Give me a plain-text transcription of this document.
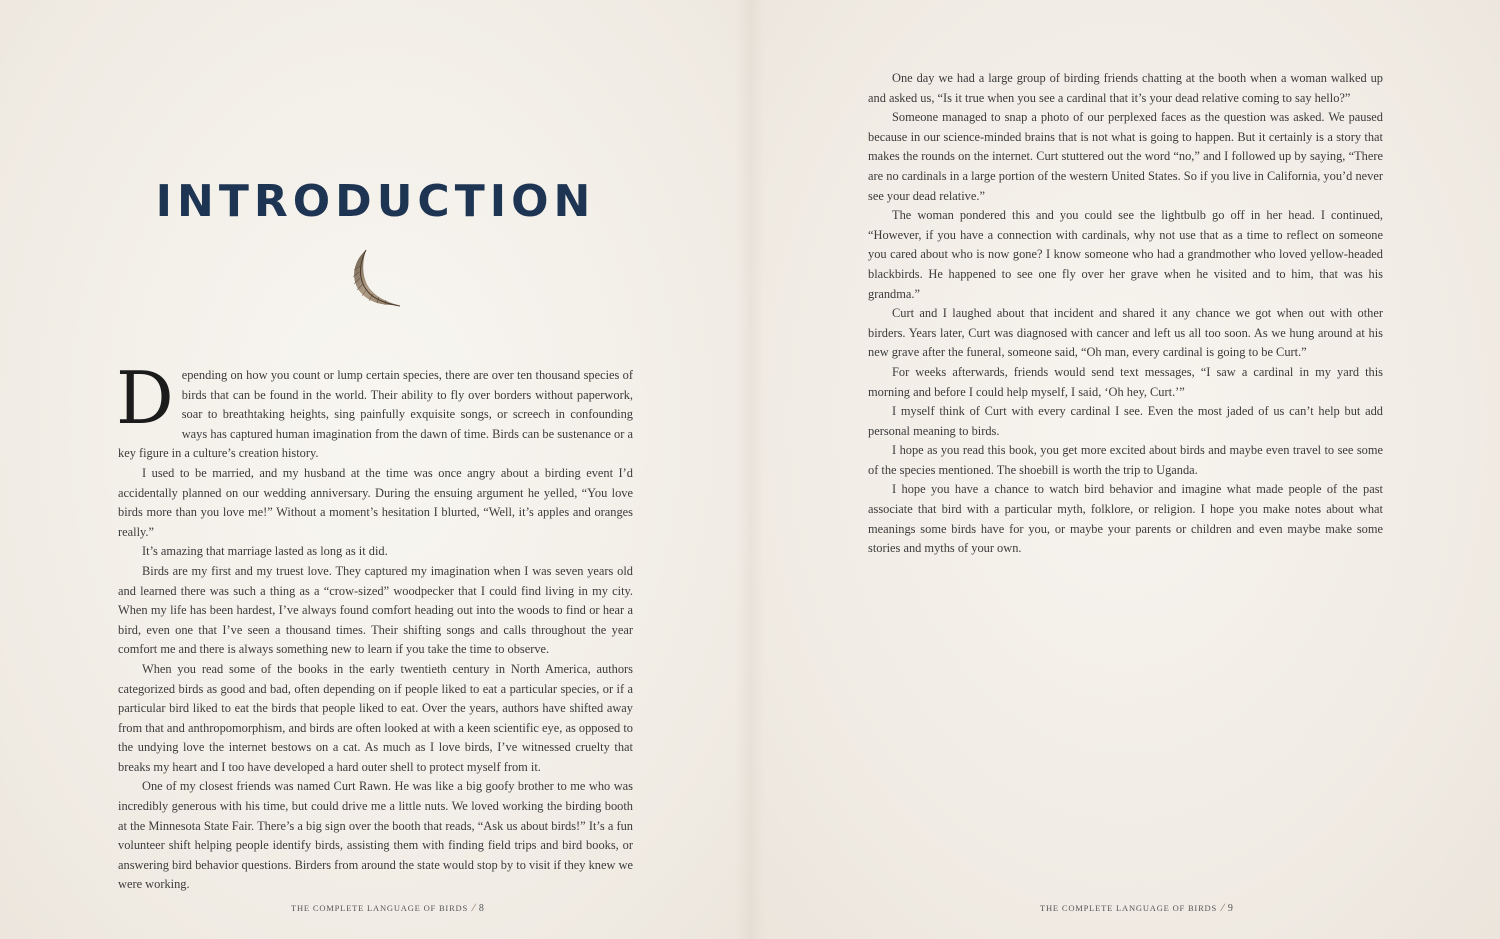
INTRODUCTION

Depending on how you count or lump certain species, there are over ten thousand species of birds that can be found in the world. Their ability to fly over borders without paperwork, soar to breathtaking heights, sing painfully exquisite songs, or screech in confounding ways has captured human imagination from the dawn of time. Birds can be sustenance or a key figure in a culture’s creation history.

I used to be married, and my husband at the time was once angry about a birding event I’d accidentally planned on our wedding anniversary. During the ensuing argument he yelled, “You love birds more than you love me!” Without a moment’s hesitation I blurted, “Well, it’s apples and oranges really.”

It’s amazing that marriage lasted as long as it did.

Birds are my first and my truest love. They captured my imagination when I was seven years old and learned there was such a thing as a “crow-sized” woodpecker that I could find living in my city. When my life has been hardest, I’ve always found comfort heading out into the woods to find or hear a bird, even one that I’ve seen a thousand times. Their shifting songs and calls throughout the year comfort me and there is always something new to learn if you take the time to observe.

When you read some of the books in the early twentieth century in North America, authors categorized birds as good and bad, often depending on if people liked to eat a particular species, or if a particular bird liked to eat the birds that people liked to eat. Over the years, authors have shifted away from that and anthropomorphism, and birds are often looked at with a keen scientific eye, as opposed to the undying love the internet bestows on a cat. As much as I love birds, I’ve witnessed cruelty that breaks my heart and I too have developed a hard outer shell to protect myself from it.

One of my closest friends was named Curt Rawn. He was like a big goofy brother to me who was incredibly generous with his time, but could drive me a little nuts. We loved working the birding booth at the Minnesota State Fair. There’s a big sign over the booth that reads, “Ask us about birds!” It’s a fun volunteer shift helping people identify birds, assisting them with finding field trips and bird books, or answering bird behavior questions. Birders from around the state would stop by to visit if they knew we were working.

THE COMPLETE LANGUAGE OF BIRDS /8

One day we had a large group of birding friends chatting at the booth when a woman walked up and asked us, “Is it true when you see a cardinal that it’s your dead relative coming to say hello?”

Someone managed to snap a photo of our perplexed faces as the question was asked. We paused because in our science-minded brains that is not what is going to happen. But it certainly is a story that makes the rounds on the internet. Curt stuttered out the word “no,” and I followed up by saying, “There are no cardinals in a large portion of the western United States. So if you live in California, you’d never see your dead relative.”

The woman pondered this and you could see the lightbulb go off in her head. I continued, “However, if you have a connection with cardinals, why not use that as a time to reflect on someone you cared about who is now gone? I know someone who had a grandmother who loved yellow-headed blackbirds. He happened to see one fly over her grave when he visited and to him, that was his grandma.”

Curt and I laughed about that incident and shared it any chance we got when out with other birders. Years later, Curt was diagnosed with cancer and left us all too soon. As we hung around at his new grave after the funeral, someone said, “Oh man, every cardinal is going to be Curt.”

For weeks afterwards, friends would send text messages, “I saw a cardinal in my yard this morning and before I could help myself, I said, ‘Oh hey, Curt.’”

I myself think of Curt with every cardinal I see. Even the most jaded of us can’t help but add personal meaning to birds.

I hope as you read this book, you get more excited about birds and maybe even travel to see some of the species mentioned. The shoebill is worth the trip to Uganda.

I hope you have a chance to watch bird behavior and imagine what made people of the past associate that bird with a particular myth, folklore, or religion. I hope you make notes about what meanings some birds have for you, or maybe your parents or children and even maybe make some stories and myths of your own.

THE COMPLETE LANGUAGE OF BIRDS /9
